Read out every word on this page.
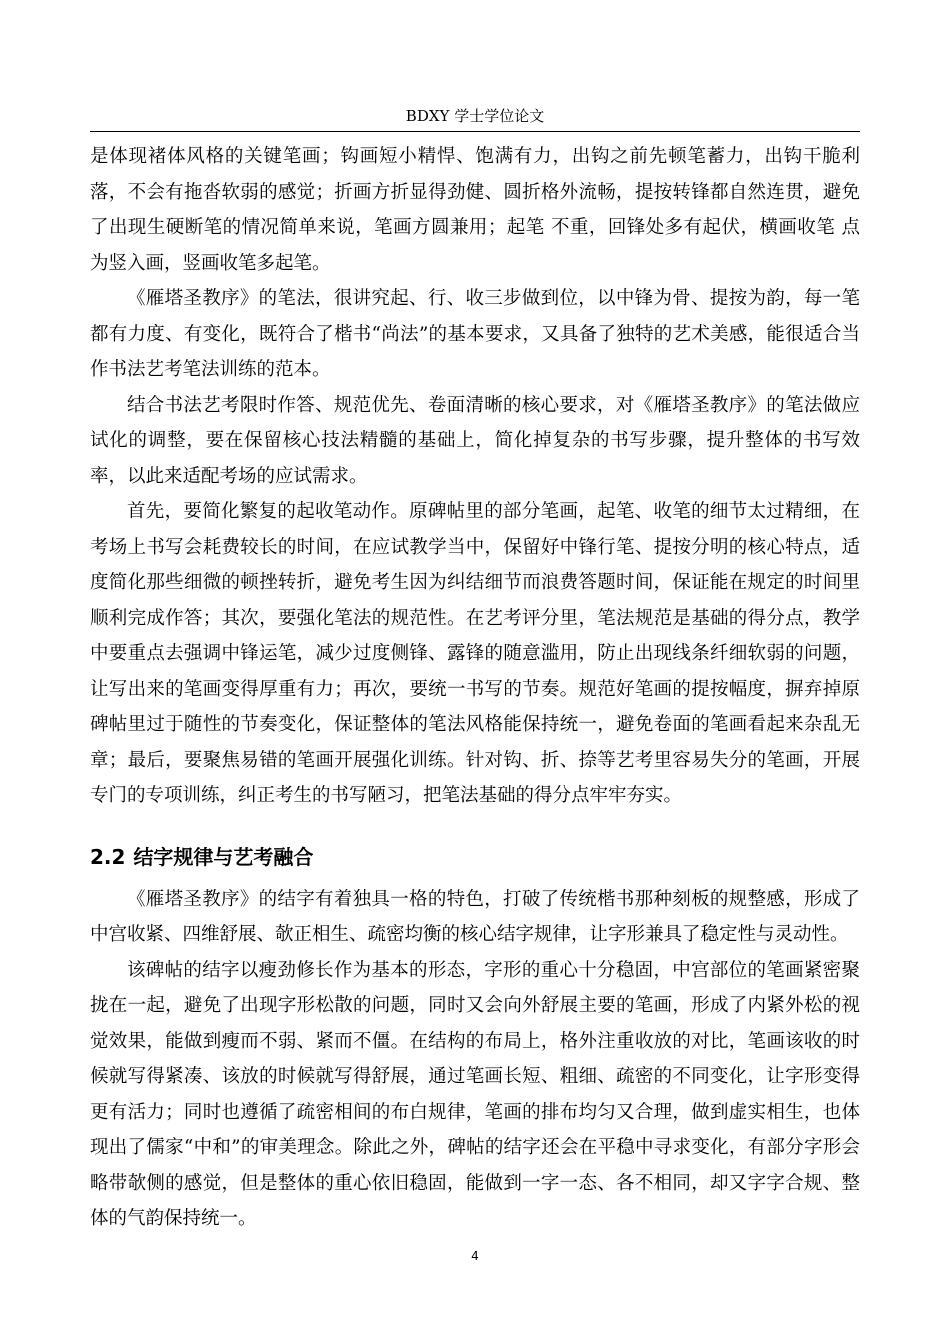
BDXY 学士学位论文

是体现褚体风格的关键笔画；钩画短小精悍、饱满有力，出钩之前先顿笔蓄力，出钩干脆利落，不会有拖沓软弱的感觉；折画方折显得劲健、圆折格外流畅，提按转锋都自然连贯，避免了出现生硬断笔的情况简单来说，笔画方圆兼用；起笔 不重，回锋处多有起伏，横画收笔 点为竖入画，竖画收笔多起笔。

《雁塔圣教序》的笔法，很讲究起、行、收三步做到位，以中锋为骨、提按为韵，每一笔都有力度、有变化，既符合了楷书“尚法”的基本要求，又具备了独特的艺术美感，能很适合当作书法艺考笔法训练的范本。

结合书法艺考限时作答、规范优先、卷面清晰的核心要求，对《雁塔圣教序》的笔法做应试化的调整，要在保留核心技法精髓的基础上，简化掉复杂的书写步骤，提升整体的书写效率，以此来适配考场的应试需求。

首先，要简化繁复的起收笔动作。原碑帖里的部分笔画，起笔、收笔的细节太过精细，在考场上书写会耗费较长的时间，在应试教学当中，保留好中锋行笔、提按分明的核心特点，适度简化那些细微的顿挫转折，避免考生因为纠结细节而浪费答题时间，保证能在规定的时间里顺利完成作答；其次，要强化笔法的规范性。在艺考评分里，笔法规范是基础的得分点，教学中要重点去强调中锋运笔，减少过度侧锋、露锋的随意滥用，防止出现线条纤细软弱的问题，让写出来的笔画变得厚重有力；再次，要统一书写的节奏。规范好笔画的提按幅度，摒弃掉原碑帖里过于随性的节奏变化，保证整体的笔法风格能保持统一，避免卷面的笔画看起来杂乱无章；最后，要聚焦易错的笔画开展强化训练。针对钩、折、捺等艺考里容易失分的笔画，开展专门的专项训练，纠正考生的书写陋习，把笔法基础的得分点牢牢夯实。

2.2 结字规律与艺考融合

《雁塔圣教序》的结字有着独具一格的特色，打破了传统楷书那种刻板的规整感，形成了中宫收紧、四维舒展、欹正相生、疏密均衡的核心结字规律，让字形兼具了稳定性与灵动性。

该碑帖的结字以瘦劲修长作为基本的形态，字形的重心十分稳固，中宫部位的笔画紧密聚拢在一起，避免了出现字形松散的问题，同时又会向外舒展主要的笔画，形成了内紧外松的视觉效果，能做到瘦而不弱、紧而不僵。在结构的布局上，格外注重收放的对比，笔画该收的时候就写得紧凑、该放的时候就写得舒展，通过笔画长短、粗细、疏密的不同变化，让字形变得更有活力；同时也遵循了疏密相间的布白规律，笔画的排布均匀又合理，做到虚实相生，也体现出了儒家“中和”的审美理念。除此之外，碑帖的结字还会在平稳中寻求变化，有部分字形会略带欹侧的感觉，但是整体的重心依旧稳固，能做到一字一态、各不相同，却又字字合规、整体的气韵保持统一。

4
